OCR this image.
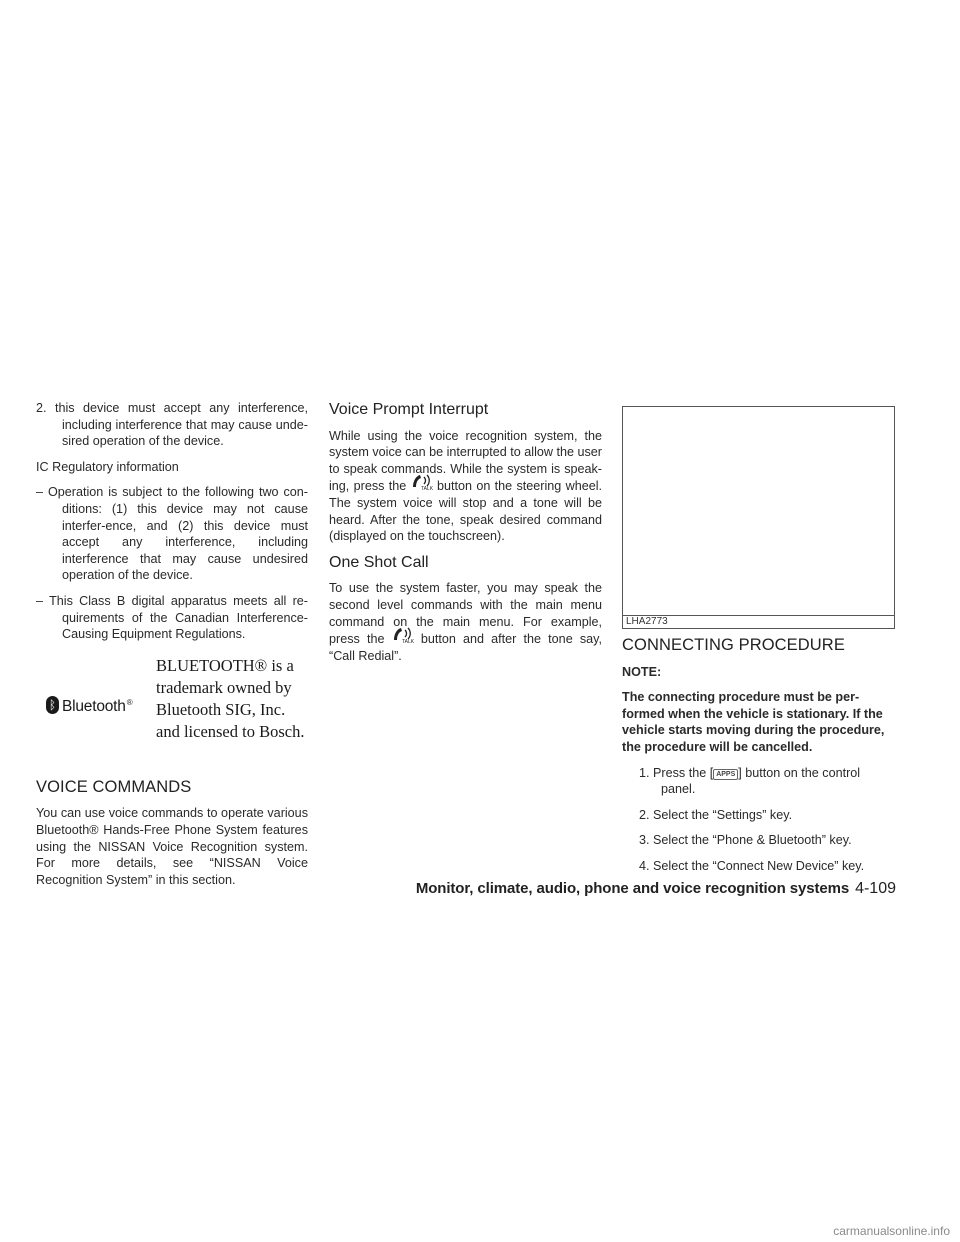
2. this device must accept any interference, including interference that may cause unde-sired operation of the device.

IC Regulatory information

– Operation is subject to the following two con-ditions: (1) this device may not cause interfer-ence, and (2) this device must accept any interference, including interference that may cause undesired operation of the device.

– This Class B digital apparatus meets all re-quirements of the Canadian Interference-Causing Equipment Regulations.

ᛒ Bluetooth®
BLUETOOTH® is a trademark owned by Bluetooth SIG, Inc. and licensed to Bosch.
VOICE COMMANDS

You can use voice commands to operate various Bluetooth® Hands-Free Phone System features using the NISSAN Voice Recognition system. For more details, see “NISSAN Voice Recognition System” in this section.

Voice Prompt Interrupt

While using the voice recognition system, the system voice can be interrupted to allow the user to speak commands. While the system is speak-ing, press the	TALK button on the steering wheel. The system voice will stop and a tone will be heard. After the tone, speak desired command (displayed on the touchscreen).

One Shot Call

To use the system faster, you may speak the second level commands with the main menu command on the main menu. For example, press the	TALK button and after the tone say, “Call Redial”.

LHA2773
CONNECTING PROCEDURE

NOTE:

The connecting procedure must be per-formed when the vehicle is stationary. If the vehicle starts moving during the procedure, the procedure will be cancelled.

1. Press the [ APPS ] button on the control panel.

2. Select the “Settings” key.

3. Select the “Phone & Bluetooth” key.

4. Select the “Connect New Device” key.

Monitor, climate, audio, phone and voice recognition systems 4-109
carmanualsonline.info
